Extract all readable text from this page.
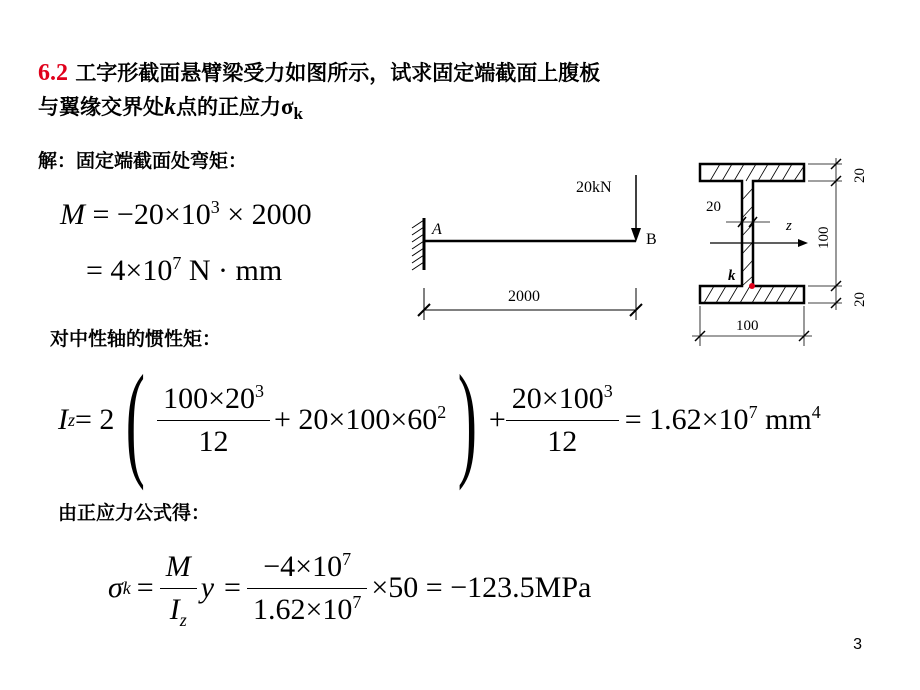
6.2 工字形截面悬臂梁受力如图所示，试求固定端截面上腹板
与翼缘交界处k点的正应力$\sigma_k$
解：固定端截面处弯矩：
$M = -20\times 10^3 \times 2000$
= $4\times 10^7$ N · mm
20kN
A
B
2000
z
20
k
20
100
20
100
对中性轴的惯性矩：
I z = 2 ( $\frac{100\times 20^3}{12} + 20\times 100\times 60^2$ ) + $\frac{20\times 100^3}{12} = 1.62\times 10^7$ $mm^4$
由正应力公式得：
σ $k = \frac{M}{I_z}$ $y = \frac{-4\times 10^7}{1.62\times 10^7} \times 50 = -123.5MPa$
3
